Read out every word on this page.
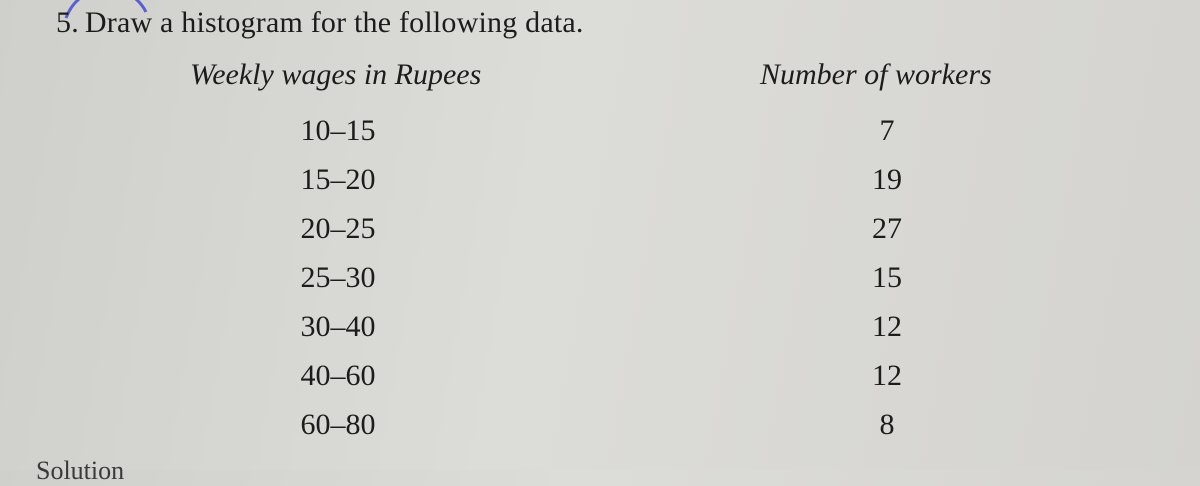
5. Draw a histogram for the following data.
Weekly wages in Rupees	Number of workers
10–15	7
15–20	19
20–25	27
25–30	15
30–40	12
40–60	12
60–80	8
Solution
